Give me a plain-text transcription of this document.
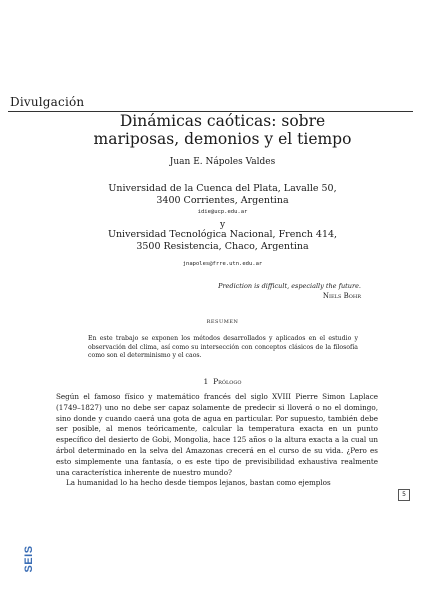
Divulgación
Dinámicas caóticas: sobre
mariposas, demonios y el tiempo
Juan E. Nápoles Valdes
Universidad de la Cuenca del Plata, Lavalle 50,
3400 Corrientes, Argentina
idie@ucp.edu.ar
y
Universidad Tecnológica Nacional, French 414,
3500 Resistencia, Chaco, Argentina
jnapoles@frre.utn.edu.ar
Prediction is difficult, especially the future.
Niels Bohr
RESUMEN
En este trabajo se exponen los métodos desarrollados y aplicados en el estudio y observación del clima, así como su intersección con conceptos clásicos de la filosofía como son el determinismo y el caos.
1 Prólogo

Según el famoso físico y matemático francés del siglo XVIII Pierre Simon Laplace (1749–1827) uno no debe ser capaz solamente de predecir si lloverá o no el domingo, sino donde y cuando caerá una gota de agua en particular. Por supuesto, también debe ser posible, al menos teóricamente, calcular la temperatura exacta en un punto específico del desierto de Gobi, Mongolia, hace 125 años o la altura exacta a la cual un árbol determinado en la selva del Amazonas crecerá en el curso de su vida. ¿Pero es esto simplemente una fantasía, o es este tipo de previsibilidad exhaustiva realmente una característica inherente de nuestro mundo?

La humanidad lo ha hecho desde tiempos lejanos, bastan como ejemplos

SEIS
5
